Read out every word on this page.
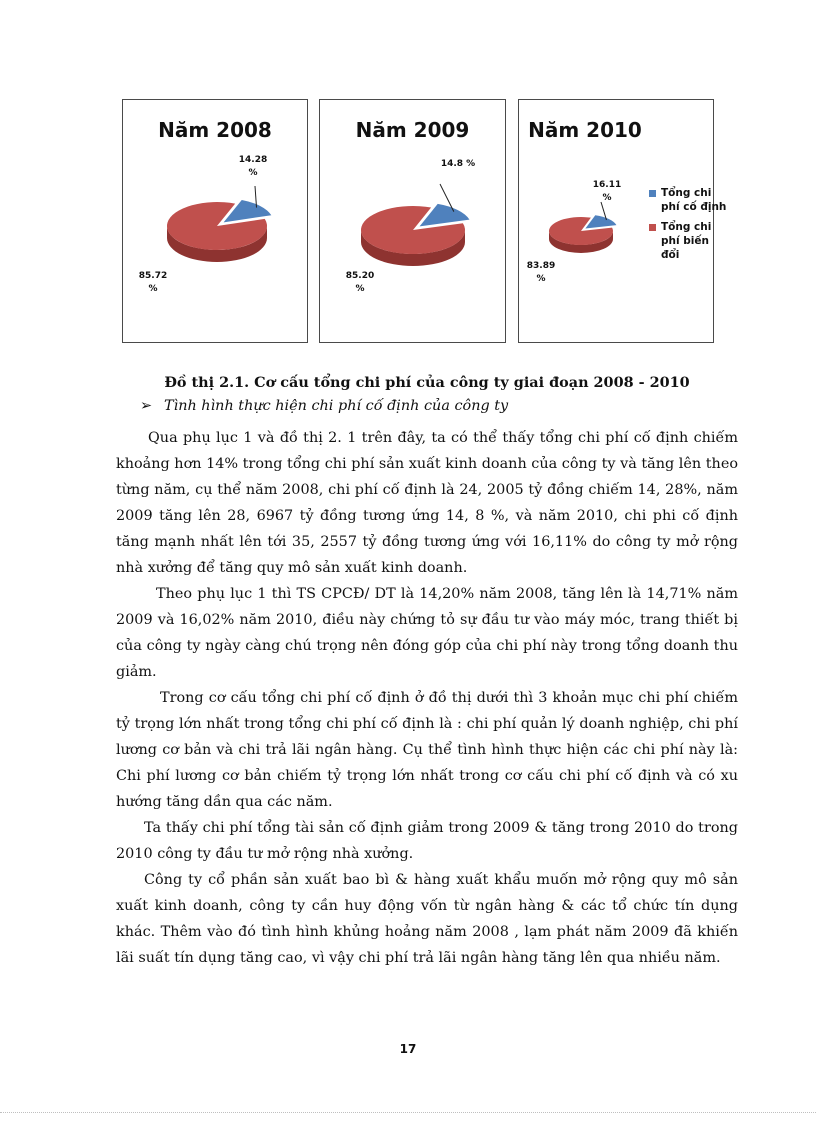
Năm 2008
14.28 %
85.72 %
Năm 2009
14.8 %
85.20 %
Năm 2010
16.11 %
83.89 %
Tổng chi phí cố định
Tổng chi phí biến đổi
Đồ thị 2.1. Cơ cấu tổng chi phí của công ty giai đoạn 2008 - 2010
➢ Tình hình thực hiện chi phí cố định của công ty

Qua phụ lục 1 và đồ thị 2. 1 trên đây, ta có thể thấy tổng chi phí cố định chiếm khoảng hơn 14% trong tổng chi phí sản xuất kinh doanh của công ty và tăng lên theo từng năm, cụ thể năm 2008, chi phí cố định là 24, 2005 tỷ đồng chiếm 14, 28%, năm 2009 tăng lên 28, 6967 tỷ đồng tương ứng 14, 8 %, và năm 2010, chi phi cố định tăng mạnh nhất lên tới 35, 2557 tỷ đồng tương ứng với 16,11% do công ty mở rộng nhà xưởng để tăng quy mô sản xuất kinh doanh.

Theo phụ lục 1 thì TS CPCĐ/ DT là 14,20% năm 2008, tăng lên là 14,71% năm 2009 và 16,02% năm 2010, điều này chứng tỏ sự đầu tư vào máy móc, trang thiết bị của công ty ngày càng chú trọng nên đóng góp của chi phí này trong tổng doanh thu giảm.

Trong cơ cấu tổng chi phí cố định ở đồ thị dưới thì 3 khoản mục chi phí chiếm tỷ trọng lớn nhất trong tổng chi phí cố định là : chi phí quản lý doanh nghiệp, chi phí lương cơ bản và chi trả lãi ngân hàng. Cụ thể tình hình thực hiện các chi phí này là: Chi phí lương cơ bản chiếm tỷ trọng lớn nhất trong cơ cấu chi phí cố định và có xu hướng tăng dần qua các năm.

Ta thấy chi phí tổng tài sản cố định giảm trong 2009 & tăng trong 2010 do trong 2010 công ty đầu tư mở rộng nhà xưởng.

Công ty cổ phần sản xuất bao bì & hàng xuất khẩu muốn mở rộng quy mô sản xuất kinh doanh, công ty cần huy động vốn từ ngân hàng & các tổ chức tín dụng khác. Thêm vào đó tình hình khủng hoảng năm 2008 , lạm phát năm 2009 đã khiến lãi suất tín dụng tăng cao, vì vậy chi phí trả lãi ngân hàng tăng lên qua nhiều năm.

17
